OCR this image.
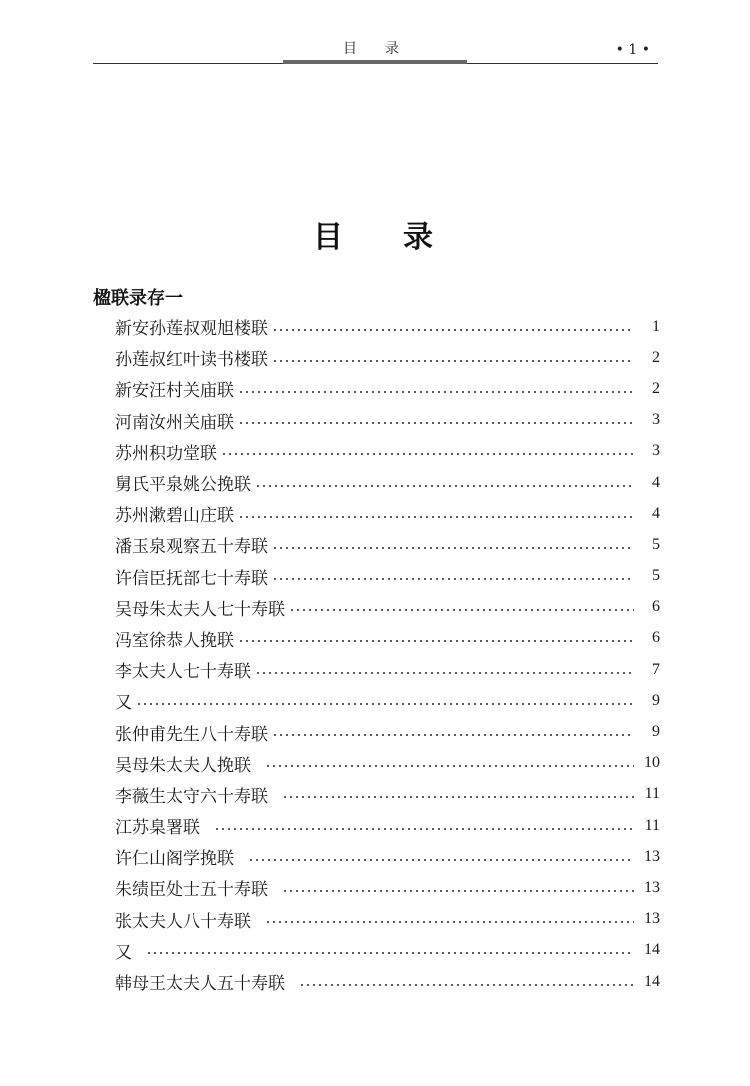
目录	• 1 •
目 录
楹联录存一
新安孙莲叔观旭楼联	1
孙莲叔红叶读书楼联	2
新安汪村关庙联	2
河南汝州关庙联	3
苏州积功堂联	3
舅氏平泉姚公挽联	4
苏州漱碧山庄联	4
潘玉泉观察五十寿联	5
许信臣抚部七十寿联	5
吴母朱太夫人七十寿联	6
冯室徐恭人挽联	6
李太夫人七十寿联	7
又	9
张仲甫先生八十寿联	9
吴母朱太夫人挽联	10
李薇生太守六十寿联	11
江苏臬署联	11
许仁山阁学挽联	13
朱绩臣处士五十寿联	13
张太夫人八十寿联	13
又	14
韩母王太夫人五十寿联	14
